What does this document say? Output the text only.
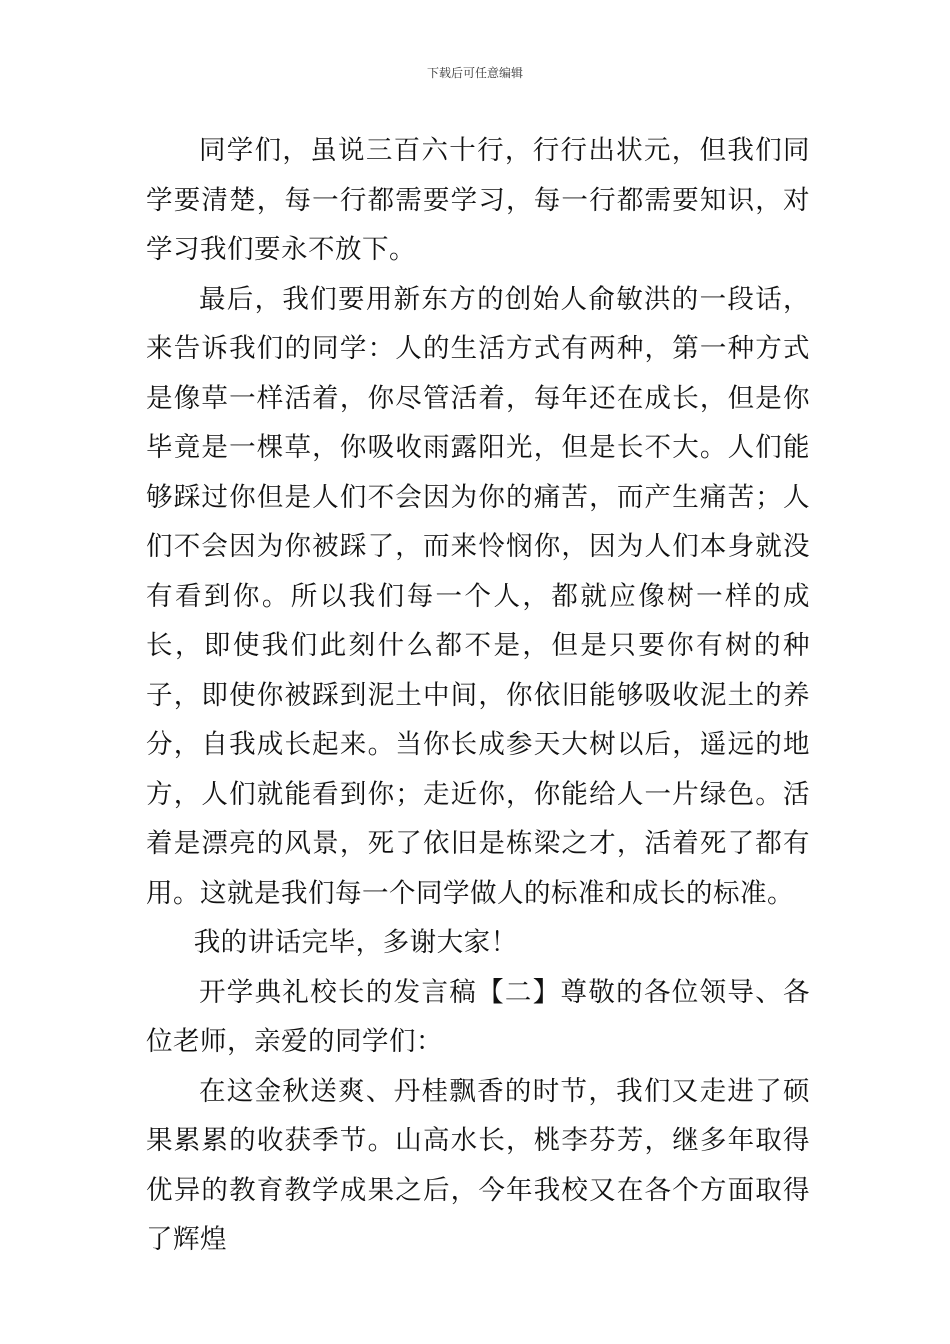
下载后可任意编辑

同学们，虽说三百六十行，行行出状元，但我们同学要清楚，每一行都需要学习，每一行都需要知识，对学习我们要永不放下。

最后，我们要用新东方的创始人俞敏洪的一段话，来告诉我们的同学：人的生活方式有两种，第一种方式是像草一样活着，你尽管活着，每年还在成长，但是你毕竟是一棵草，你吸收雨露阳光，但是长不大。人们能够踩过你但是人们不会因为你的痛苦，而产生痛苦；人们不会因为你被踩了，而来怜悯你，因为人们本身就没有看到你。所以我们每一个人，都就应像树一样的成长，即使我们此刻什么都不是，但是只要你有树的种子，即使你被踩到泥土中间，你依旧能够吸收泥土的养分，自我成长起来。当你长成参天大树以后，遥远的地方，人们就能看到你；走近你，你能给人一片绿色。活着是漂亮的风景，死了依旧是栋梁之才，活着死了都有用。这就是我们每一个同学做人的标准和成长的标准。

我的讲话完毕，多谢大家！

开学典礼校长的发言稿【二】尊敬的各位领导、各位老师，亲爱的同学们：

在这金秋送爽、丹桂飘香的时节，我们又走进了硕果累累的收获季节。山高水长，桃李芬芳，继多年取得优异的教育教学成果之后，今年我校又在各个方面取得了辉煌
